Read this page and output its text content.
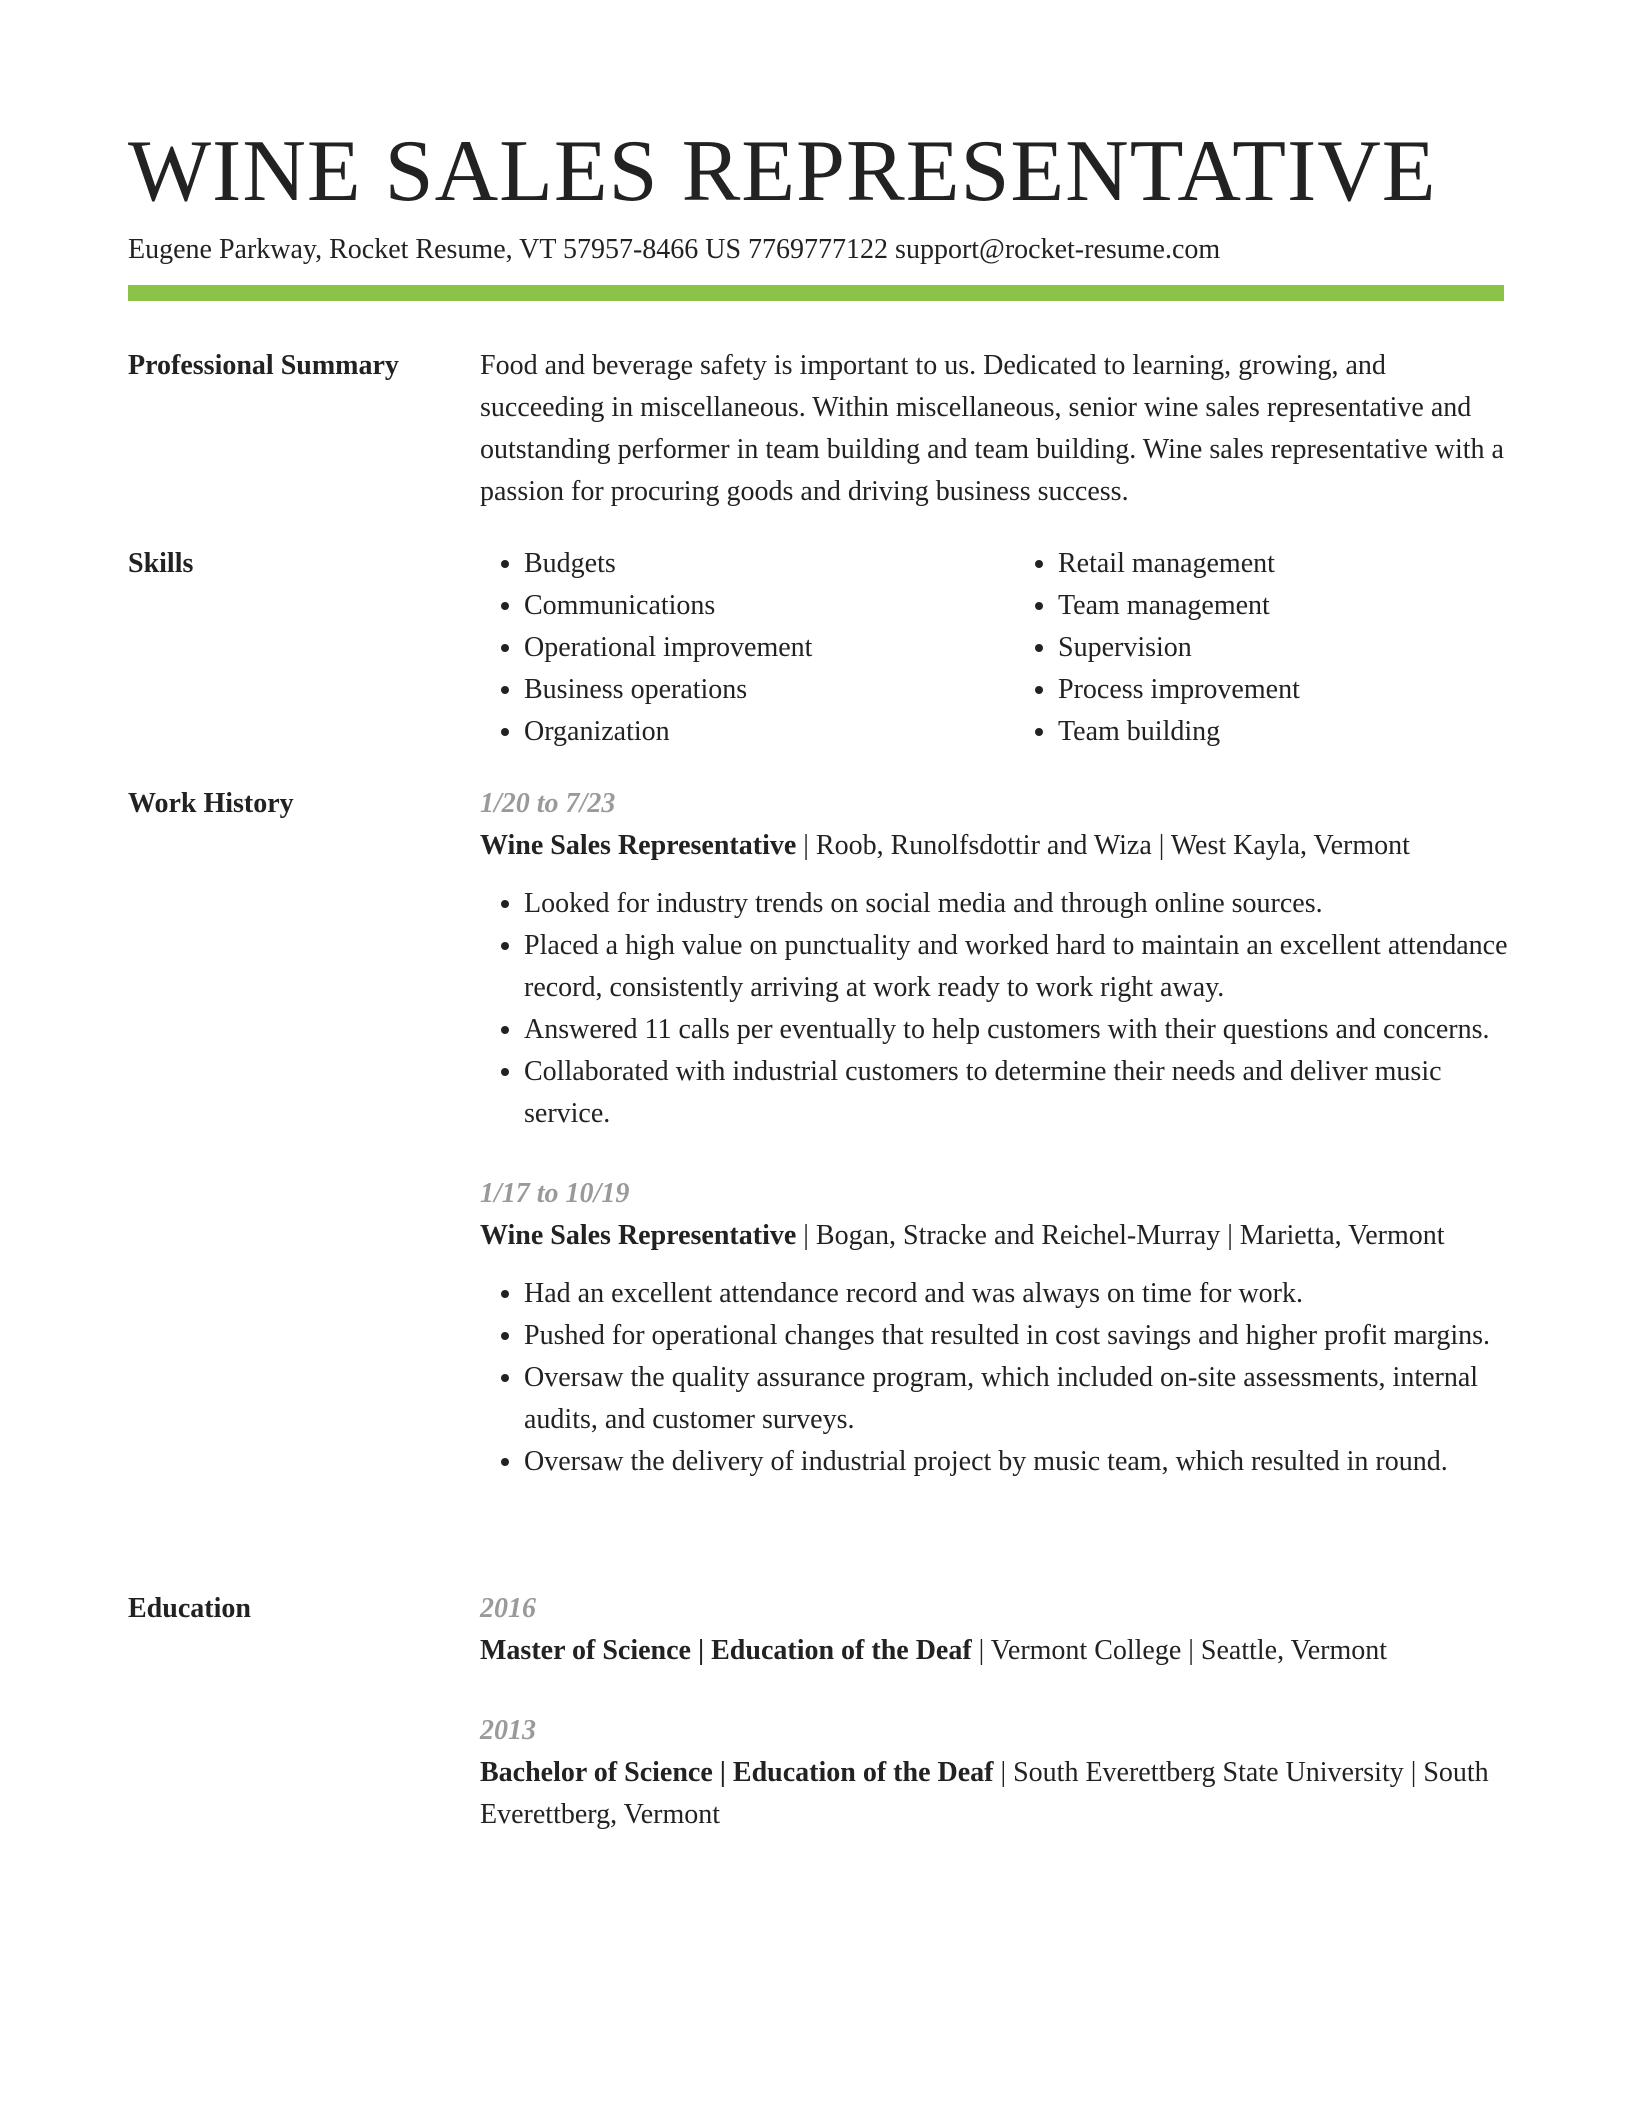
WINE SALES REPRESENTATIVE
Eugene Parkway, Rocket Resume, VT 57957-8466 US 7769777122 support@rocket-resume.com
Professional Summary	Food and beverage safety is important to us. Dedicated to learning, growing, and succeeding in miscellaneous. Within miscellaneous, senior wine sales representative and outstanding performer in team building and team building. Wine sales representative with a passion for procuring goods and driving business success.

Skills
•	Budgets
• Communications
• Operational improvement
• Business operations
• Organization
• Retail management
• Team management
• Supervision
• Process improvement
• Team building
Work History	1/20 to 7/23
Wine Sales Representative | Roob, Runolfsdottir and Wiza | West Kayla, Vermont
• Looked for industry trends on social media and through online sources.
• Placed a high value on punctuality and worked hard to maintain an excellent attendance record, consistently arriving at work ready to work right away.
• Answered 11 calls per eventually to help customers with their questions and concerns.
• Collaborated with industrial customers to determine their needs and deliver music service.
1/17 to 10/19
Wine Sales Representative | Bogan, Stracke and Reichel-Murray | Marietta, Vermont
• Had an excellent attendance record and was always on time for work.
• Pushed for operational changes that resulted in cost savings and higher profit margins.
• Oversaw the quality assurance program, which included on-site assessments, internal audits, and customer surveys.
• Oversaw the delivery of industrial project by music team, which resulted in round.
Education	2016
Master of Science | Education of the Deaf | Vermont College | Seattle, Vermont
2013
Bachelor of Science | Education of the Deaf | South Everettberg State University | South Everettberg, Vermont
